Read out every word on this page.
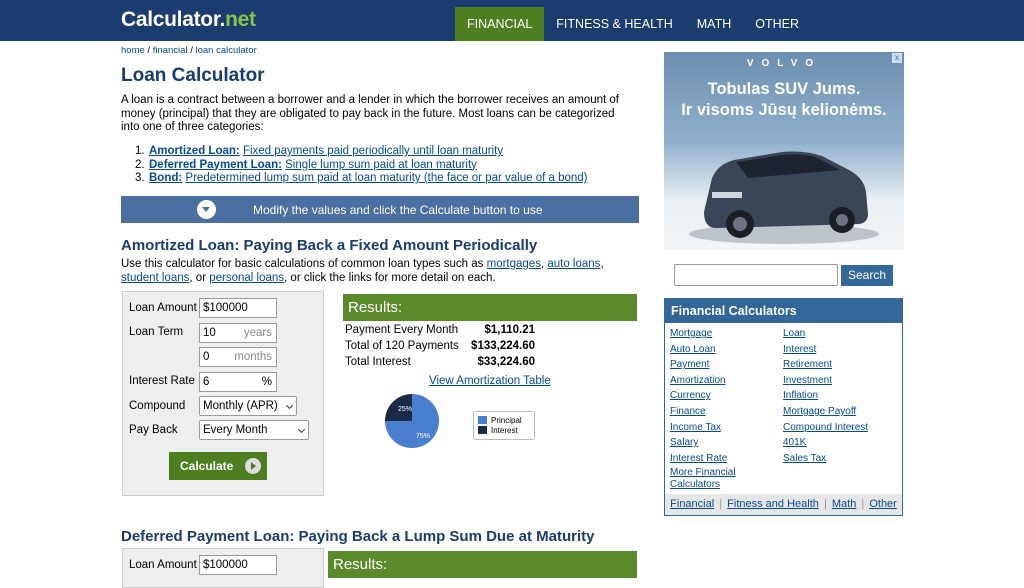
Calculator.net	FINANCIAL	FITNESS & HEALTH	MATH	OTHER
home / financial / loan calculator
Loan Calculator

A loan is a contract between a borrower and a lender in which the borrower receives an amount of money (principal) that they are obligated to pay back in the future. Most loans can be categorized into one of three categories:

1. Amortized Loan:
Fixed payments paid periodically until loan maturity
2. Deferred Payment Loan:
Single lump sum paid at loan maturity
3. Bond:
Predetermined lump sum paid at loan maturity (the face or par value of a bond)
Modify the values and click the Calculate button to use
Amortized Loan: Paying Back a Fixed Amount Periodically

Use this calculator for basic calculations of common loan types such as mortgages, auto loans, student loans, or personal loans, or click the links for more detail on each.

Loan Amount $100000
Loan Term	10 years
0 months
Interest Rate 6	%
Compound	Monthly (APR)
Pay Back	Every Month
Calculate
Results:
Payment Every Month $1,110.21
Total of 120 Payments $133,224.60
Total Interest	$33,224.60
View Amortization Table
25%
75%
Principal
Interest
Deferred Payment Loan: Paying Back a Lump Sum Due at Maturity
Loan Amount $100000	Results:
x
VOLVO
Tobulas SUV Jums.
Ir visoms Jūsų kelionėms.
Search
Financial Calculators
Mortgage
Auto Loan
Payment
Amortization
Currency
Finance
Income Tax
Salary
Interest Rate
More Financial Calculators
Loan
Interest
Retirement
Investment
Inflation
Mortgage Payoff
Compound Interest
401K
Sales Tax
Financial | Fitness and Health | Math | Other
